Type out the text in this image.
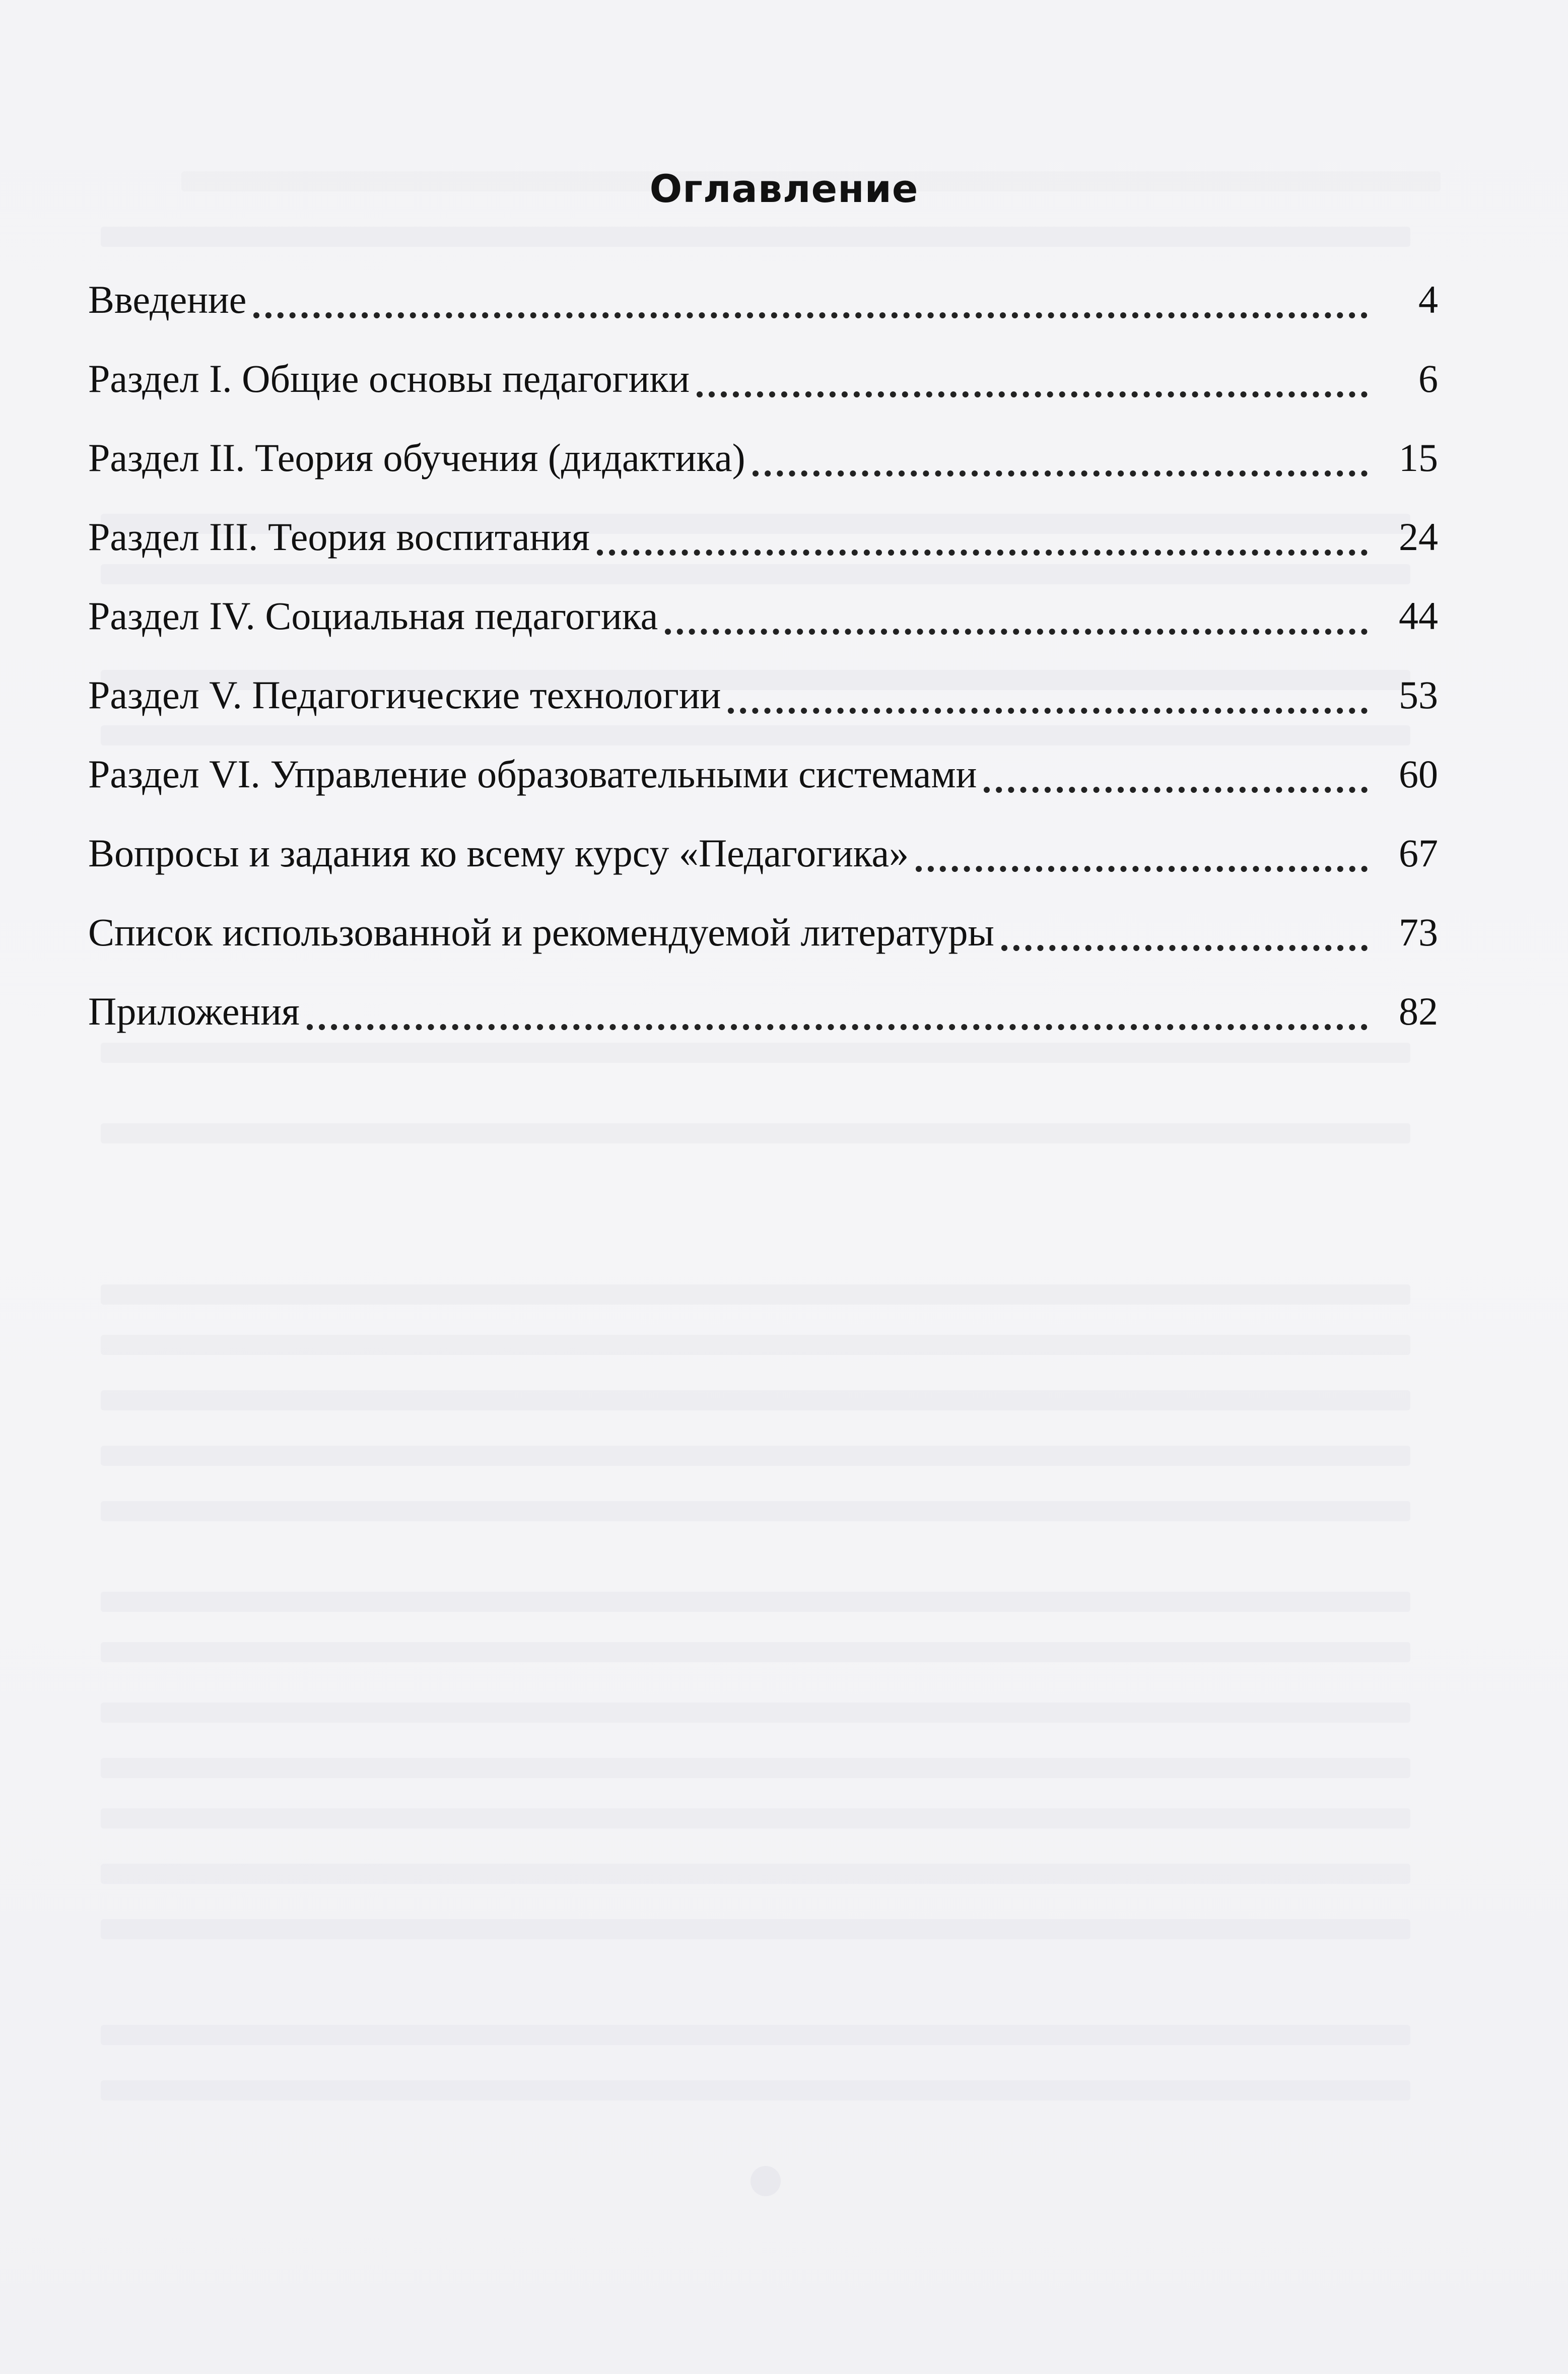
Оглавление
Введение	4
Раздел I. Общие основы педагогики	6
Раздел II. Теория обучения (дидактика)	15
Раздел III. Теория воспитания	24
Раздел IV. Социальная педагогика	44
Раздел V. Педагогические технологии	53
Раздел VI. Управление образовательными системами	60
Вопросы и задания ко всему курсу «Педагогика»	67
Список использованной и рекомендуемой литературы	73
Приложения	82
